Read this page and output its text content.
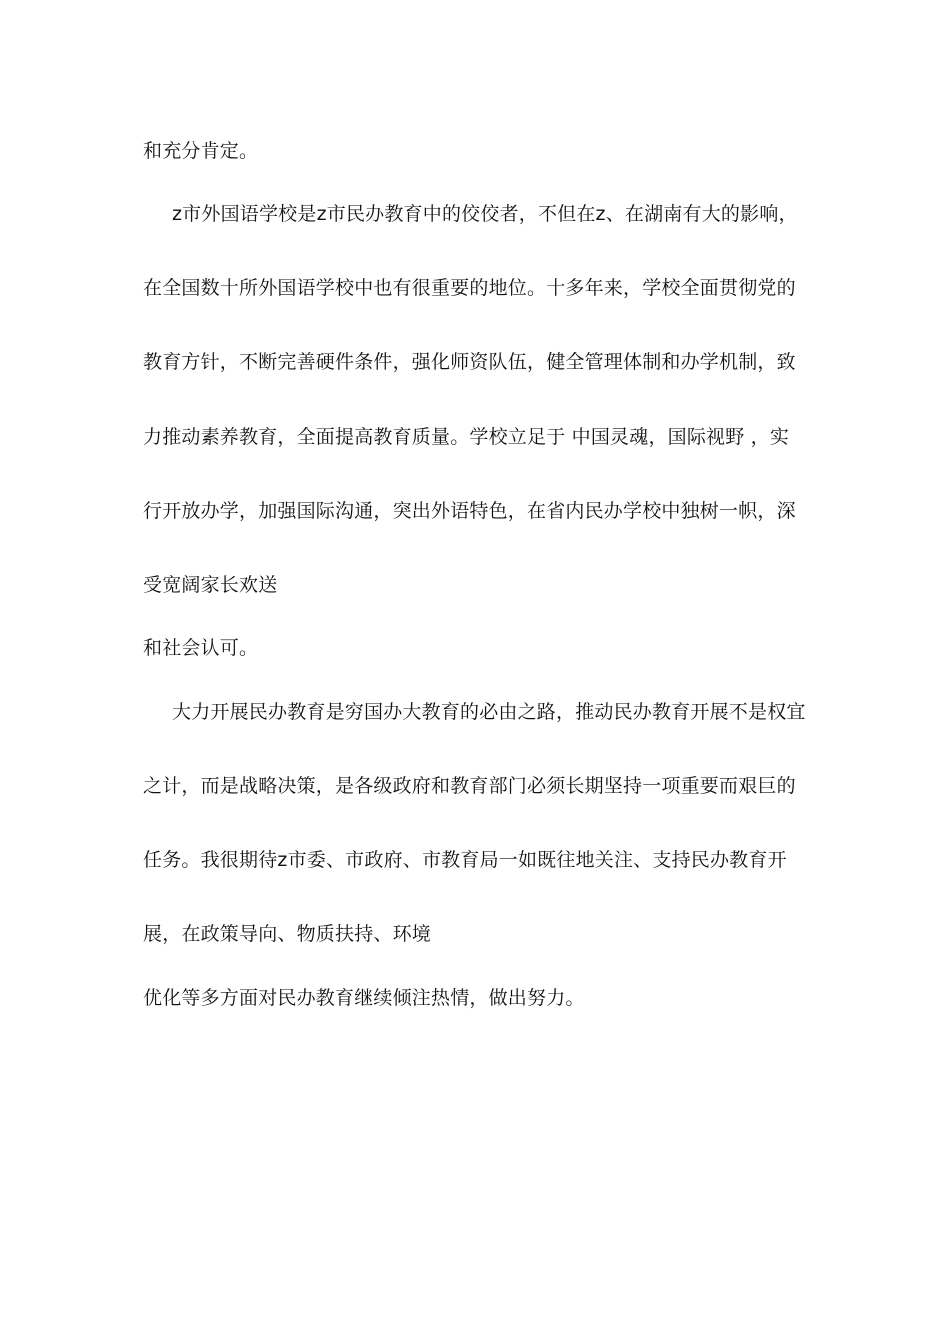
和充分肯定。
z市外国语学校是z市民办教育中的佼佼者，不但在z、在湖南有大的影响，
在全国数十所外国语学校中也有很重要的地位。十多年来，学校全面贯彻党的
教育方针，不断完善硬件条件，强化师资队伍，健全管理体制和办学机制，致
力推动素养教育，全面提高教育质量。学校立足于 中国灵魂，国际视野 ，实
行开放办学，加强国际沟通，突出外语特色，在省内民办学校中独树一帜，深
受宽阔家长欢送
和社会认可。
大力开展民办教育是穷国办大教育的必由之路，推动民办教育开展不是权宜
之计，而是战略决策，是各级政府和教育部门必须长期坚持一项重要而艰巨的
任务。我很期待z市委、市政府、市教育局一如既往地关注、支持民办教育开
展，在政策导向、物质扶持、环境
优化等多方面对民办教育继续倾注热情，做出努力。
